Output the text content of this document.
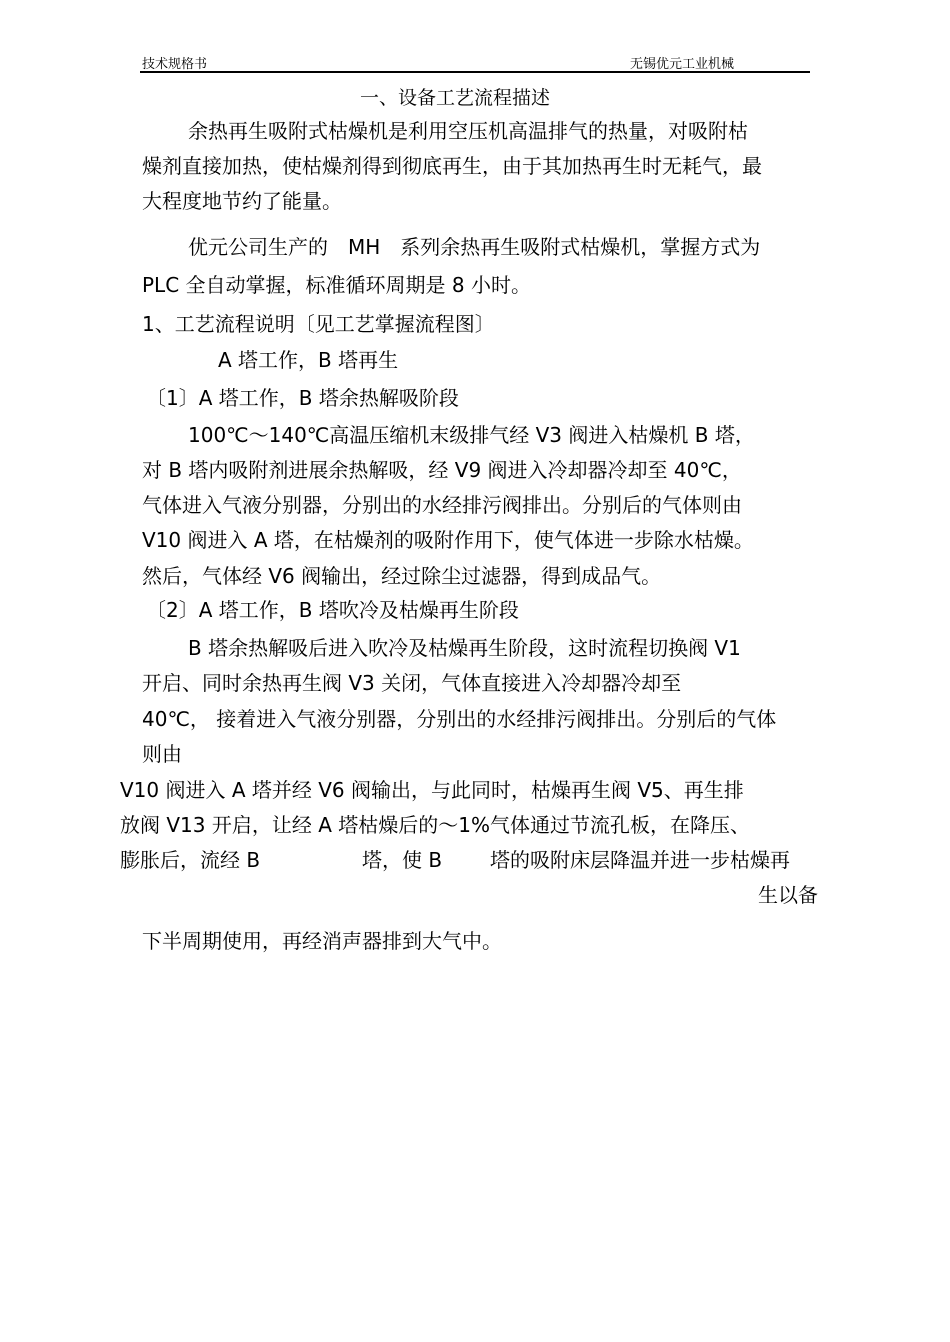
技术规格书	无锡优元工业机械
一、设备工艺流程描述
余热再生吸附式枯燥机是利用空压机高温排气的热量，对吸附枯
燥剂直接加热，使枯燥剂得到彻底再生，由于其加热再生时无耗气，最
大程度地节约了能量。
优元公司生产的　MH　系列余热再生吸附式枯燥机，掌握方式为
PLC 全自动掌握，标准循环周期是 8 小时。
1、工艺流程说明〔见工艺掌握流程图〕
A 塔工作，B 塔再生
〔1〕A 塔工作，B 塔余热解吸阶段
100℃～140℃高温压缩机末级排气经 V3 阀进入枯燥机 B 塔，
对 B 塔内吸附剂进展余热解吸，经 V9 阀进入冷却器冷却至 40℃，
气体进入气液分别器，分别出的水经排污阀排出。分别后的气体则由
V10 阀进入 A 塔，在枯燥剂的吸附作用下，使气体进一步除水枯燥。
然后，气体经 V6 阀输出，经过除尘过滤器，得到成品气。
〔2〕A 塔工作，B 塔吹冷及枯燥再生阶段
B 塔余热解吸后进入吹冷及枯燥再生阶段，这时流程切换阀 V1
开启、同时余热再生阀 V3 关闭，气体直接进入冷却器冷却至
40℃， 接着进入气液分别器，分别出的水经排污阀排出。分别后的气体
则由
V10 阀进入 A 塔并经 V6 阀输出，与此同时，枯燥再生阀 V5、再生排
放阀 V13 开启，让经 A 塔枯燥后的～1%气体通过节流孔板，在降压、
膨胀后，流经 B	塔，使 B 塔的吸附床层降温并进一步枯燥再
生以备
下半周期使用，再经消声器排到大气中。
